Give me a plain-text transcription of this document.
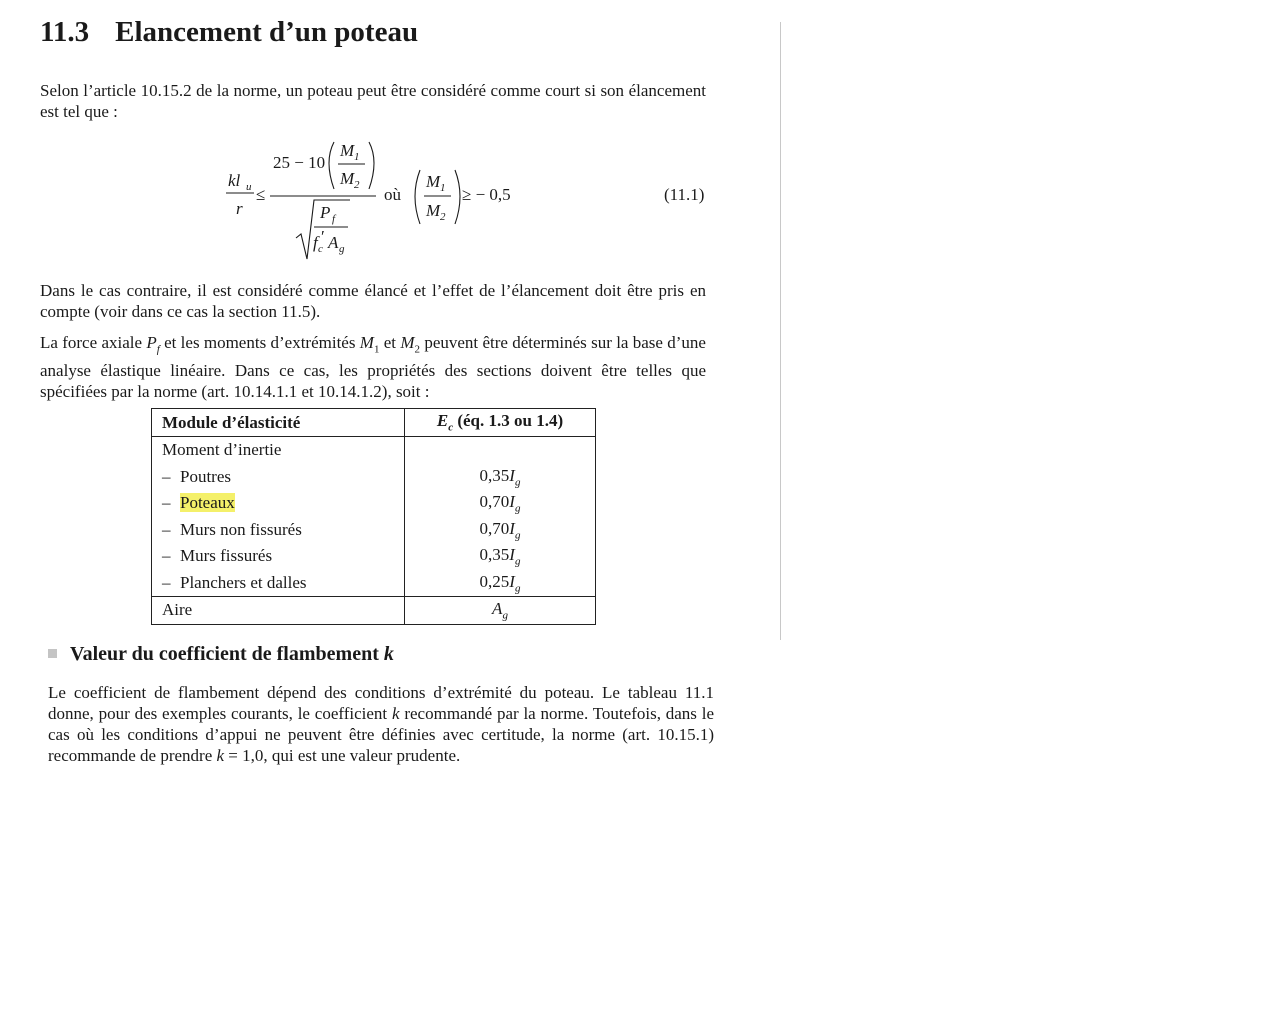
11.3 Elancement d’un poteau

Selon l’article 10.15.2 de la norme, un poteau peut être considéré comme court si son élancement est tel que :

kl u
r
≤
25 − 10
M 1
M 2
P f
f c
′ A g
où
M 1
M 2
≥ − 0,5	(11.1)

Dans le cas contraire, il est considéré comme élancé et l’effet de l’élancement doit être pris en compte (voir dans ce cas la section 11.5).

La force axiale $P_f$ et les moments d’extrémités $M_1$ et $M_2$ peuvent être déterminés sur la base d’une analyse élastique linéaire. Dans ce cas, les propriétés des sections doivent être telles que spécifiées par la norme (art. 10.14.1.1 et 10.14.1.2), soit :

Module d’élasticité	$E_c$ (éq. 1.3 ou 1.4)
Moment d’inertie	
– Poutres	$0,35I_g$
– Poteaux	$0,70I_g$
– Murs non fissurés	$0,70I_g$
– Murs fissurés	$0,35I_g$
– Planchers et dalles	$0,25I_g$
Aire	$A_g$
Valeur du coefficient de flambement k

Le coefficient de flambement dépend des conditions d’extrémité du poteau. Le tableau 11.1 donne, pour des exemples courants, le coefficient k recommandé par la norme. Toutefois, dans le cas où les conditions d’appui ne peuvent être définies avec certitude, la norme (art. 10.15.1) recommande de prendre k = 1,0, qui est une valeur prudente.
